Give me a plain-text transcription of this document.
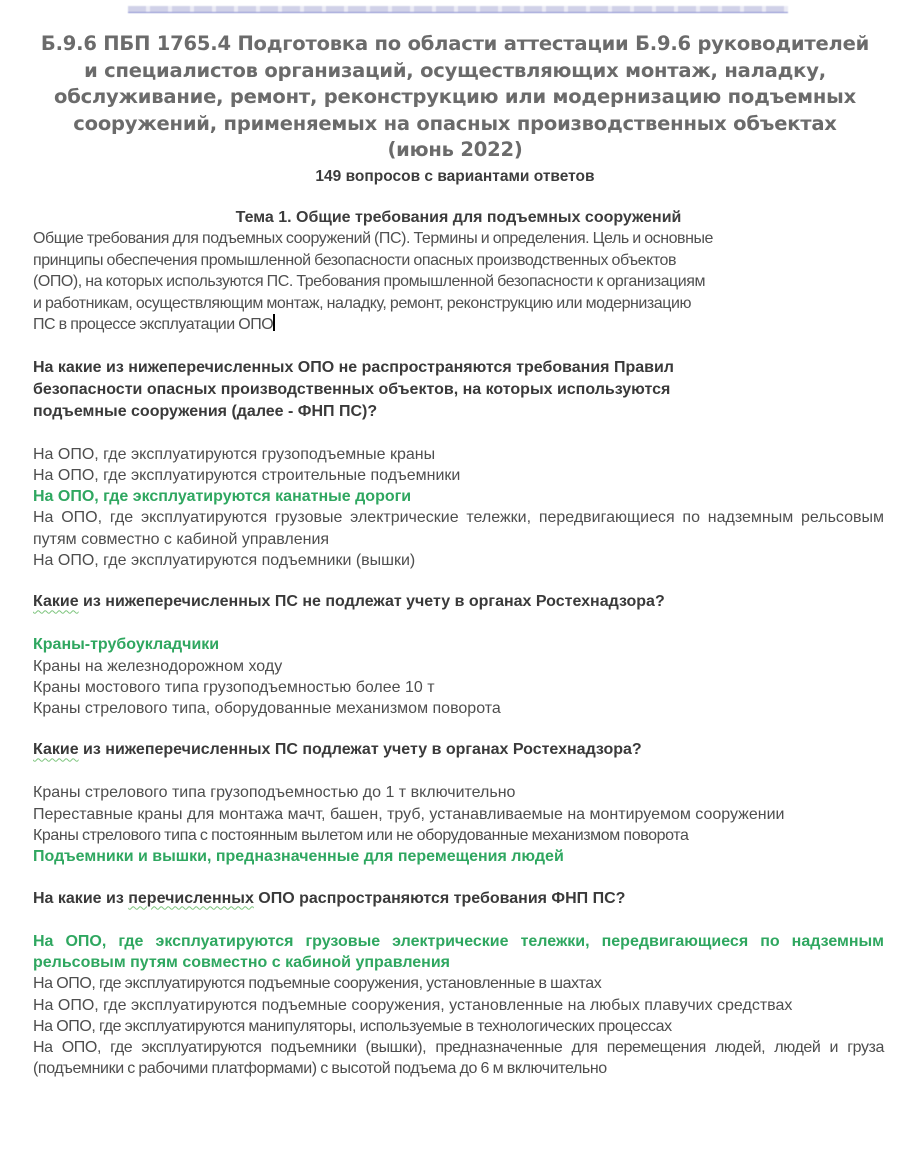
Б.9.6 ПБП 1765.4 Подготовка по области аттестации Б.9.6 руководителей
и специалистов организаций, осуществляющих монтаж, наладку,
обслуживание, ремонт, реконструкцию или модернизацию подъемных
сооружений, применяемых на опасных производственных объектах
(июнь 2022)
149 вопросов с вариантами ответов
Тема 1. Общие требования для подъемных сооружений
Общие требования для подъемных сооружений (ПС). Термины и определения. Цель и основные
принципы обеспечения промышленной безопасности опасных производственных объектов
(ОПО), на которых используются ПС. Требования промышленной безопасности к организациям
и работникам, осуществляющим монтаж, наладку, ремонт, реконструкцию или модернизацию
ПС в процессе эксплуатации ОПО
На какие из нижеперечисленных ОПО не распространяются требования Правил
безопасности опасных производственных объектов, на которых используются
подъемные сооружения (далее - ФНП ПС)?
На ОПО, где эксплуатируются грузоподъемные краны
На ОПО, где эксплуатируются строительные подъемники
На ОПО, где эксплуатируются канатные дороги
На ОПО, где эксплуатируются грузовые электрические тележки, передвигающиеся по надземным рельсовым путям совместно с кабиной управления
На ОПО, где эксплуатируются подъемники (вышки)
Какие из нижеперечисленных ПС не подлежат учету в органах Ростехнадзора?
Краны-трубоукладчики
Краны на железнодорожном ходу
Краны мостового типа грузоподъемностью более 10 т
Краны стрелового типа, оборудованные механизмом поворота
Какие из нижеперечисленных ПС подлежат учету в органах Ростехнадзора?
Краны стрелового типа грузоподъемностью до 1 т включительно
Переставные краны для монтажа мачт, башен, труб, устанавливаемые на монтируемом сооружении
Краны стрелового типа с постоянным вылетом или не оборудованные механизмом поворота
Подъемники и вышки, предназначенные для перемещения людей
На какие из перечисленных ОПО распространяются требования ФНП ПС?
На ОПО, где эксплуатируются грузовые электрические тележки, передвигающиеся по надземным рельсовым путям совместно с кабиной управления
На ОПО, где эксплуатируются подъемные сооружения, установленные в шахтах
На ОПО, где эксплуатируются подъемные сооружения, установленные на любых плавучих средствах
На ОПО, где эксплуатируются манипуляторы, используемые в технологических процессах
На ОПО, где эксплуатируются подъемники (вышки), предназначенные для перемещения людей, людей и груза (подъемники с рабочими платформами) с высотой подъема до 6 м включительно
